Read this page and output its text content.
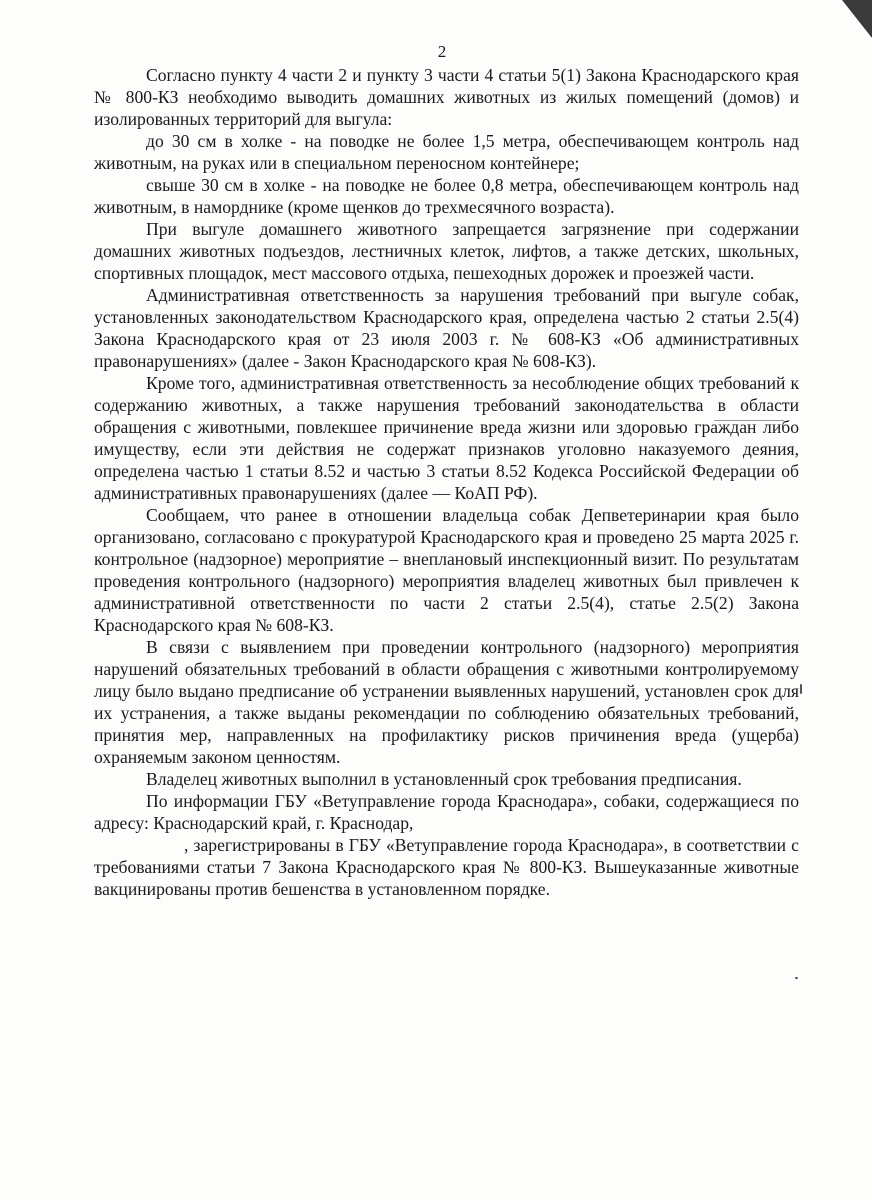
2

Согласно пункту 4 части 2 и пункту 3 части 4 статьи 5(1) Закона Краснодарского края № 800-КЗ необходимо выводить домашних животных из жилых помещений (домов) и изолированных территорий для выгула:

до 30 см в холке - на поводке не более 1,5 метра, обеспечивающем контроль над животным, на руках или в специальном переносном контейнере;

свыше 30 см в холке - на поводке не более 0,8 метра, обеспечивающем контроль над животным, в наморднике (кроме щенков до трехмесячного возраста).

При выгуле домашнего животного запрещается загрязнение при содержании домашних животных подъездов, лестничных клеток, лифтов, а также детских, школьных, спортивных площадок, мест массового отдыха, пешеходных дорожек и проезжей части.

Административная ответственность за нарушения требований при выгуле собак, установленных законодательством Краснодарского края, определена частью 2 статьи 2.5(4) Закона Краснодарского края от 23 июля 2003 г. № 608-КЗ «Об административных правонарушениях» (далее - Закон Краснодарского края № 608-КЗ).

Кроме того, административная ответственность за несоблюдение общих требований к содержанию животных, а также нарушения требований законодательства в области обращения с животными, повлекшее причинение вреда жизни или здоровью граждан либо имуществу, если эти действия не содержат признаков уголовно наказуемого деяния, определена частью 1 статьи 8.52 и частью 3 статьи 8.52 Кодекса Российской Федерации об административных правонарушениях (далее — КоАП РФ).

Сообщаем, что ранее в отношении владельца собак Депветеринарии края было организовано, согласовано с прокуратурой Краснодарского края и проведено 25 марта 2025 г. контрольное (надзорное) мероприятие – внеплановый инспекционный визит. По результатам проведения контрольного (надзорного) мероприятия владелец животных был привлечен к административной ответственности по части 2 статьи 2.5(4), статье 2.5(2) Закона Краснодарского края № 608-КЗ.

В связи с выявлением при проведении контрольного (надзорного) мероприятия нарушений обязательных требований в области обращения с животными контролируемому лицу было выдано предписание об устранении выявленных нарушений, установлен срок для их устранения, а также выданы рекомендации по соблюдению обязательных требований, принятия мер, направленных на профилактику рисков причинения вреда (ущерба) охраняемым законом ценностям.

Владелец животных выполнил в установленный срок требования предписания.

По информации ГБУ «Ветуправление города Краснодара», собаки, содержащиеся по адресу: Краснодарский край, г. Краснодар,

, зарегистрированы в ГБУ «Ветуправление города Краснодара», в соответствии с требованиями статьи 7 Закона Краснодарского края № 800-КЗ. Вышеуказанные животные вакцинированы против бешенства в установленном порядке.
